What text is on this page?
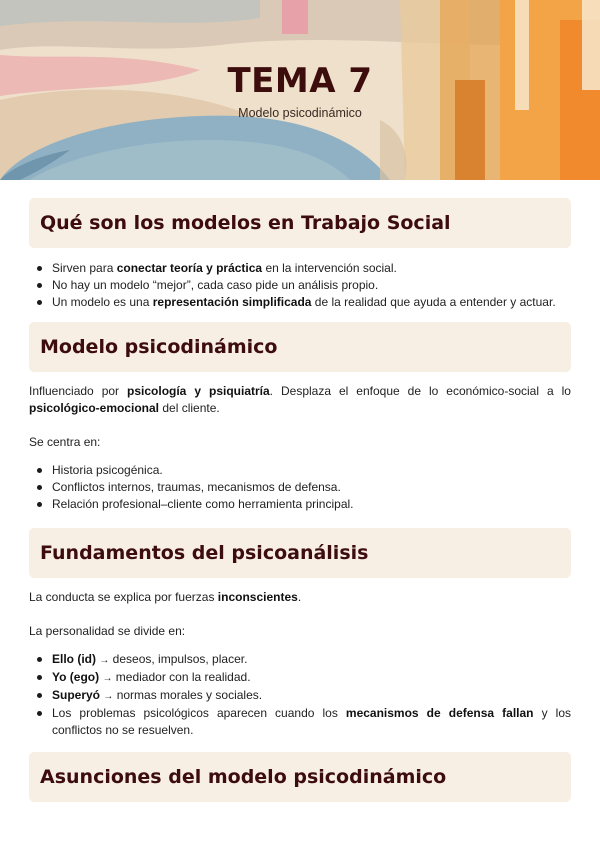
TEMA 7
Modelo psicodinámico
Qué son los modelos en Trabajo Social
Sirven para conectar teoría y práctica en la intervención social.
No hay un modelo “mejor”, cada caso pide un análisis propio.
Un modelo es una representación simplificada de la realidad que ayuda a entender y actuar.
Modelo psicodinámico

Influenciado por psicología y psiquiatría. Desplaza el enfoque de lo económico-social a lo psicológico-emocional del cliente.

Se centra en:

Historia psicogénica.
Conflictos internos, traumas, mecanismos de defensa.
Relación profesional–cliente como herramienta principal.
Fundamentos del psicoanálisis

La conducta se explica por fuerzas inconscientes.

La personalidad se divide en:

Ello (id) → deseos, impulsos, placer.
Yo (ego) → mediador con la realidad.
Superyó → normas morales y sociales.
Los problemas psicológicos aparecen cuando los mecanismos de defensa fallan y los conflictos no se resuelven.
Asunciones del modelo psicodinámico
